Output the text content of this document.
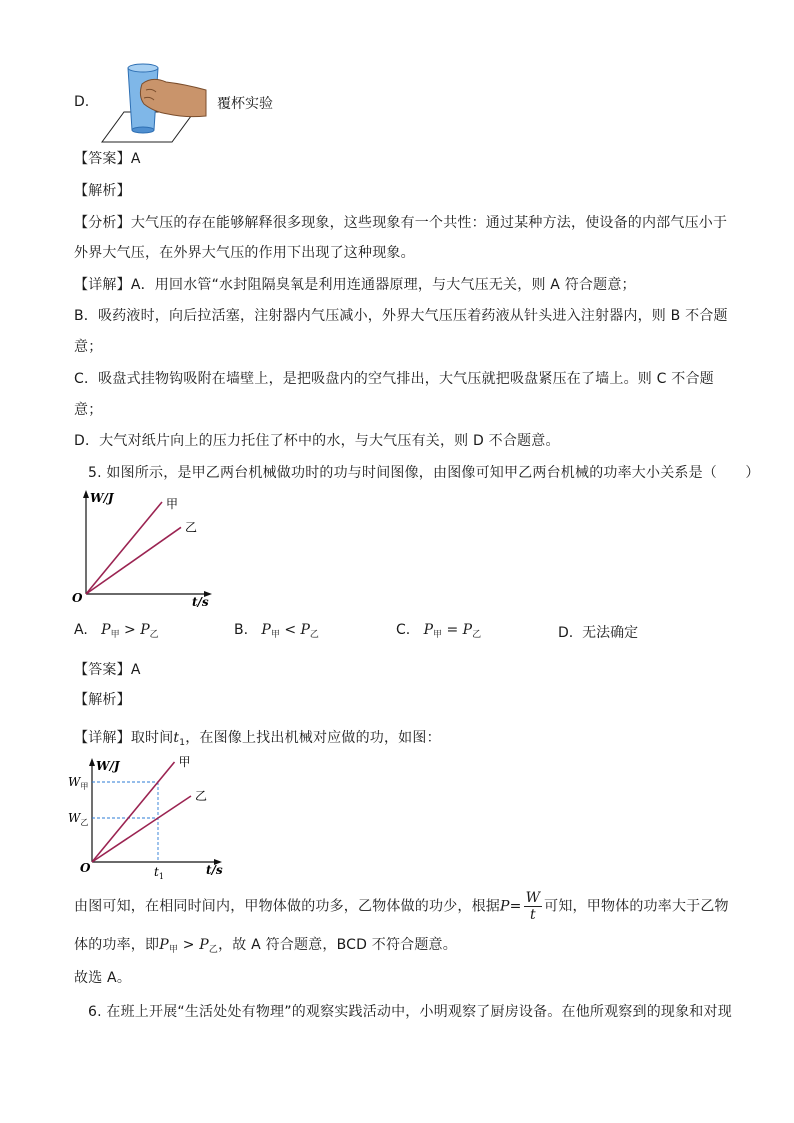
D.	覆杯实验
【答案】A
【解析】
【分析】大气压的存在能够解释很多现象，这些现象有一个共性：通过某种方法，使设备的内部气压小于
外界大气压，在外界大气压的作用下出现了这种现象。
【详解】A．用回水管“水封阻隔臭氧是利用连通器原理，与大气压无关，则 A 符合题意；
B．吸药液时，向后拉活塞，注射器内气压减小，外界大气压压着药液从针头进入注射器内，则 B 不合题
意；
C．吸盘式挂物钩吸附在墙壁上，是把吸盘内的空气排出，大气压就把吸盘紧压在了墙上。则 C 不合题
意；
D．大气对纸片向上的压力托住了杯中的水，与大气压有关，则 D 不合题意。
5. 如图所示，是甲乙两台机械做功时的功与时间图像，由图像可知甲乙两台机械的功率大小关系是（　　）
W/J
t/s
O
甲
乙
A. $P_甲 > P_乙$	B. $P_甲 < P_乙$	C. $P_甲 = P_乙$	D. 无法确定
【答案】A
【解析】
【详解】取时间$t_1$，在图像上找出机械对应做的功，如图：
W/J
t/s
O
甲
乙
$W_甲$
$W_乙$
$t_1$
由图可知，在相同时间内，甲物体做的功多，乙物体做的功少，根据$P= \frac{W}{t}$ 可知，甲物体的功率大于乙物
体的功率，即$P_甲 > P_乙$，故 A 符合题意，BCD 不符合题意。
故选 A。
6. 在班上开展“生活处处有物理”的观察实践活动中，小明观察了厨房设备。在他所观察到的现象和对现
